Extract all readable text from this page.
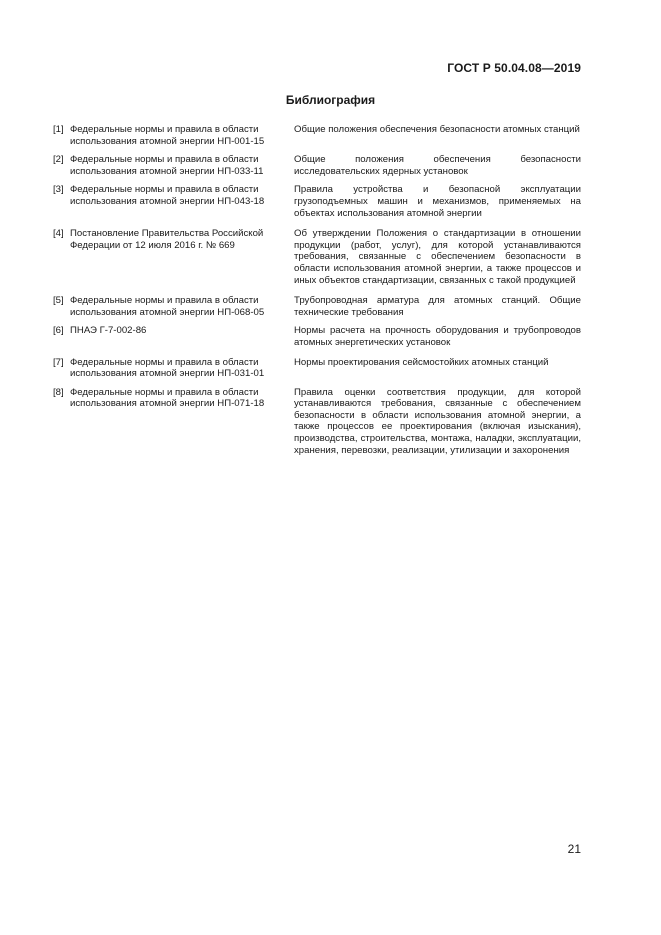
ГОСТ Р 50.04.08—2019
Библиография
[1] Федеральные нормы и правила в области использования атомной энергии НП-001-15
Общие положения обеспечения безопасности атомных станций
[2] Федеральные нормы и правила в области использования атомной энергии НП-033-11
Общие положения обеспечения безопасности исследовательских ядерных установок
[3] Федеральные нормы и правила в области использования атомной энергии НП-043-18
Правила устройства и безопасной эксплуатации грузоподъемных машин и механизмов, применяемых на объектах использования атомной энергии
[4] Постановление Правительства Российской Федерации от 12 июля 2016 г. № 669
Об утверждении Положения о стандартизации в отношении продукции (работ, услуг), для которой устанавливаются требования, связанные с обеспечением безопасности в области использования атомной энергии, а также процессов и иных объектов стандартизации, связанных с такой продукцией
[5] Федеральные нормы и правила в области использования атомной энергии НП-068-05
Трубопроводная арматура для атомных станций. Общие технические требования
[6] ПНАЭ Г-7-002-86	Нормы расчета на прочность оборудования и трубопроводов атомных энергетических установок
[7] Федеральные нормы и правила в области использования атомной энергии НП-031-01
Нормы проектирования сейсмостойких атомных станций
[8] Федеральные нормы и правила в области использования атомной энергии НП-071-18
Правила оценки соответствия продукции, для которой устанавливаются требования, связанные с обеспечением безопасности в области использования атомной энергии, а также процессов ее проектирования (включая изыскания), производства, строительства, монтажа, наладки, эксплуатации, хранения, перевозки, реализации, утилизации и захоронения
21
